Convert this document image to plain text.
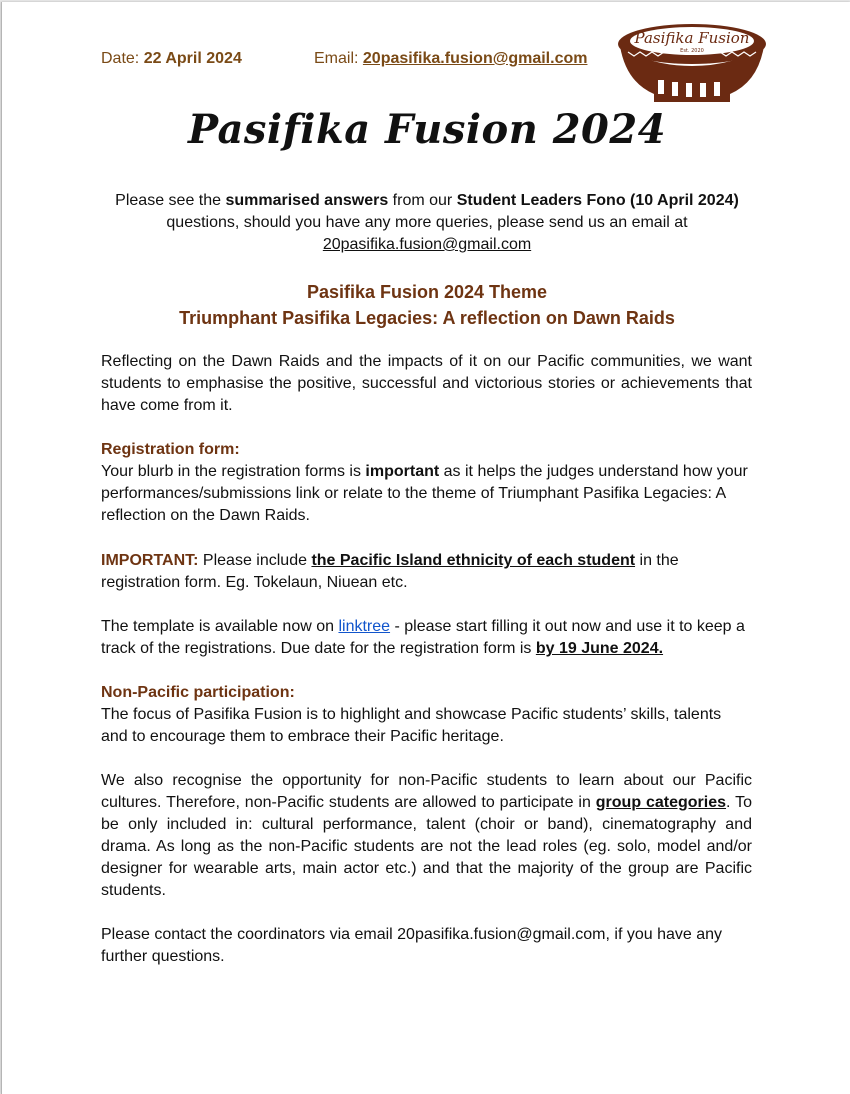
Date: 22 April 2024	Email: 20pasifika.fusion@gmail.com
Pasifika Fusion
Est. 2020
Pasifika Fusion 2024
Please see the summarised answers from our Student Leaders Fono (10 April 2024) questions, should you have any more queries, please send us an email at 20pasifika.fusion@gmail.com
Pasifika Fusion 2024 Theme
Triumphant Pasifika Legacies: A reflection on Dawn Raids
Reflecting on the Dawn Raids and the impacts of it on our Pacific communities, we want students to emphasise the positive, successful and victorious stories or achievements that have come from it.
Registration form:
Your blurb in the registration forms is important as it helps the judges understand how your performances/submissions link or relate to the theme of Triumphant Pasifika Legacies: A reflection on the Dawn Raids.
IMPORTANT: Please include the Pacific Island ethnicity of each student in the registration form. Eg. Tokelaun, Niuean etc.
The template is available now on linktree - please start filling it out now and use it to keep a track of the registrations. Due date for the registration form is by 19 June 2024.
Non-Pacific participation:
The focus of Pasifika Fusion is to highlight and showcase Pacific students’ skills, talents and to encourage them to embrace their Pacific heritage.
We also recognise the opportunity for non-Pacific students to learn about our Pacific cultures. Therefore, non-Pacific students are allowed to participate in group categories. To be only included in: cultural performance, talent (choir or band), cinematography and drama. As long as the non-Pacific students are not the lead roles (eg. solo, model and/or designer for wearable arts, main actor etc.) and that the majority of the group are Pacific students.
Please contact the coordinators via email 20pasifika.fusion@gmail.com, if you have any further questions.
